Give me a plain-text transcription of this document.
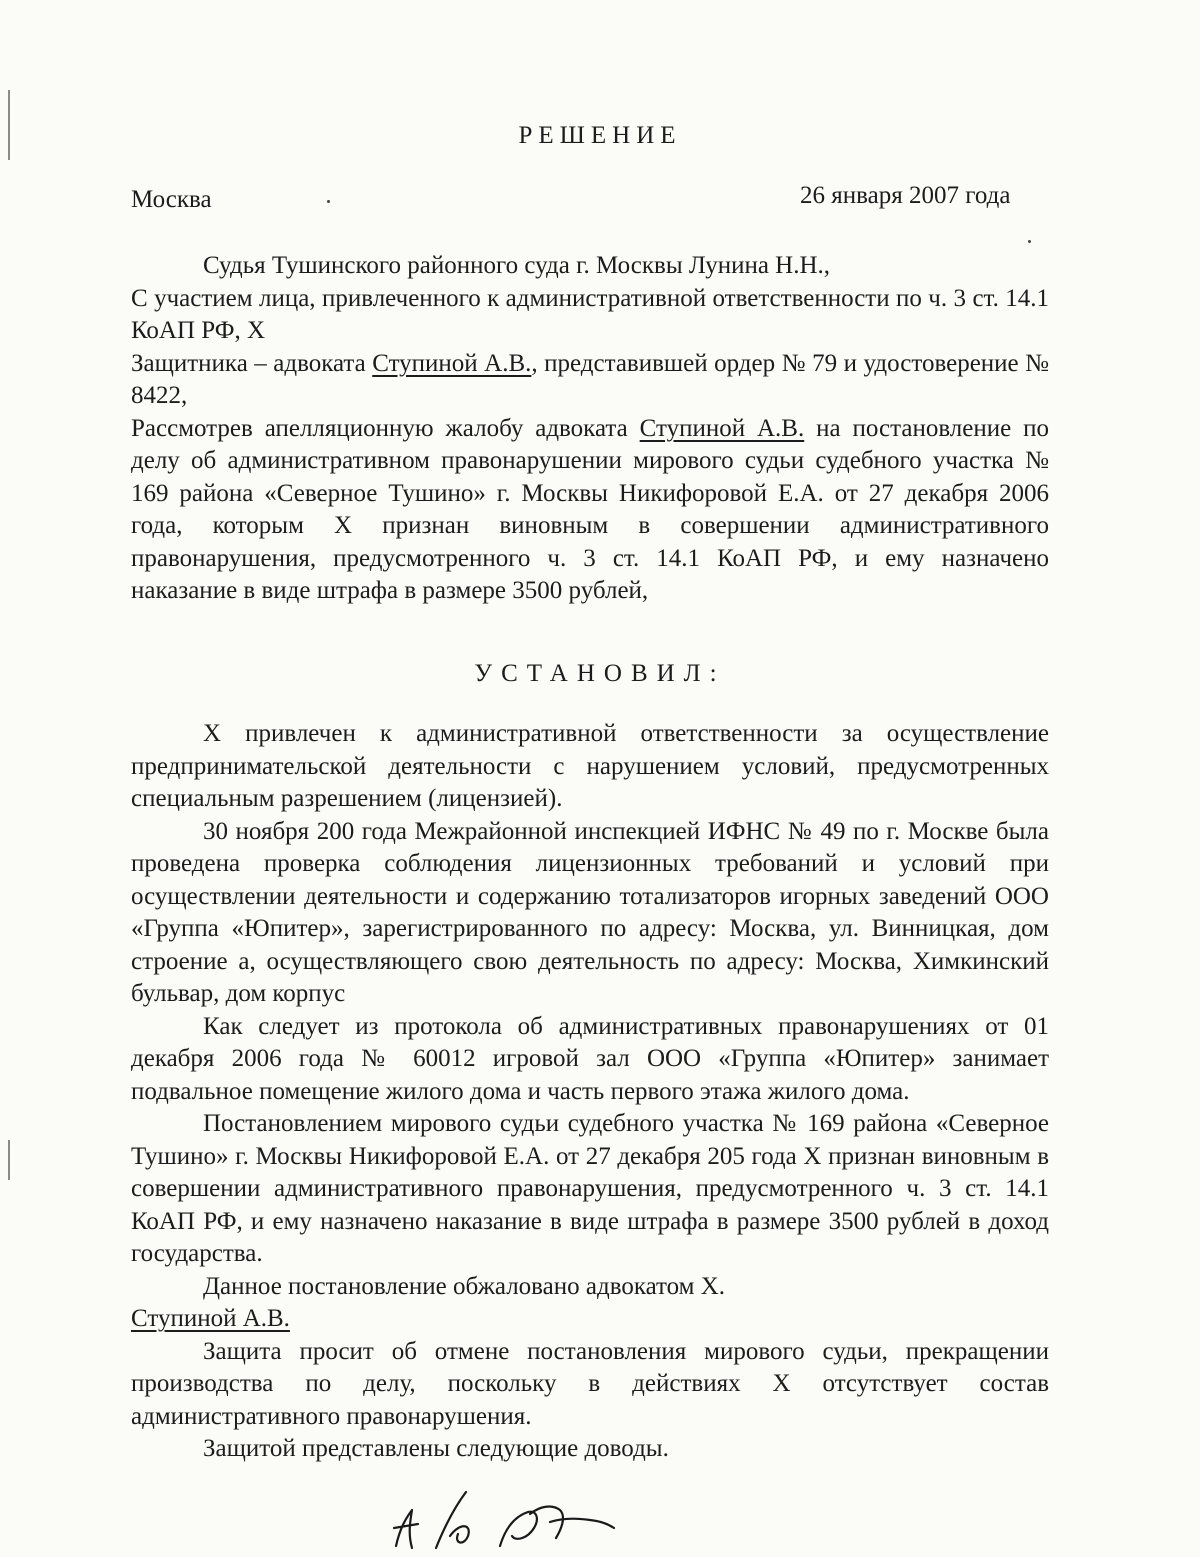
РЕШЕНИЕ
Москва	26 января 2007 года

Судья Тушинского районного суда г. Москвы Лунина Н.Н.,

С участием лица, привлеченного к административной ответственности по ч. 3 ст. 14.1 КоАП РФ, Х

Защитника – адвоката Ступиной А.В., представившей ордер № 79 и удостоверение № 8422,

Рассмотрев апелляционную жалобу адвоката Ступиной А.В. на постановление по делу об административном правонарушении мирового судьи судебного участка № 169 района «Северное Тушино» г. Москвы Никифоровой Е.А. от 27 декабря 2006 года, которым Х признан виновным в совершении административного правонарушения, предусмотренного ч. 3 ст. 14.1 КоАП РФ, и ему назначено наказание в виде штрафа в размере 3500 рублей,

УСТАНОВИЛ:

Х привлечен к административной ответственности за осуществление предпринимательской деятельности с нарушением условий, предусмотренных специальным разрешением (лицензией).

30 ноября 200 года Межрайонной инспекцией ИФНС № 49 по г. Москве была проведена проверка соблюдения лицензионных требований и условий при осуществлении деятельности и содержанию тотализаторов игорных заведений ООО «Группа «Юпитер», зарегистрированного по адресу: Москва, ул. Винницкая, дом строение а, осуществляющего свою деятельность по адресу: Москва, Химкинский бульвар, дом корпус

Как следует из протокола об административных правонарушениях от 01 декабря 2006 года № 60012 игровой зал ООО «Группа «Юпитер» занимает подвальное помещение жилого дома и часть первого этажа жилого дома.

Постановлением мирового судьи судебного участка № 169 района «Северное Тушино» г. Москвы Никифоровой Е.А. от 27 декабря 205 года Х признан виновным в совершении административного правонарушения, предусмотренного ч. 3 ст. 14.1 КоАП РФ, и ему назначено наказание в виде штрафа в размере 3500 рублей в доход государства.

Данное постановление обжаловано адвокатом Х.

Ступиной А.В.

Защита просит об отмене постановления мирового судьи, прекращении производства по делу, поскольку в действиях Х отсутствует состав административного правонарушения.

Защитой представлены следующие доводы.
